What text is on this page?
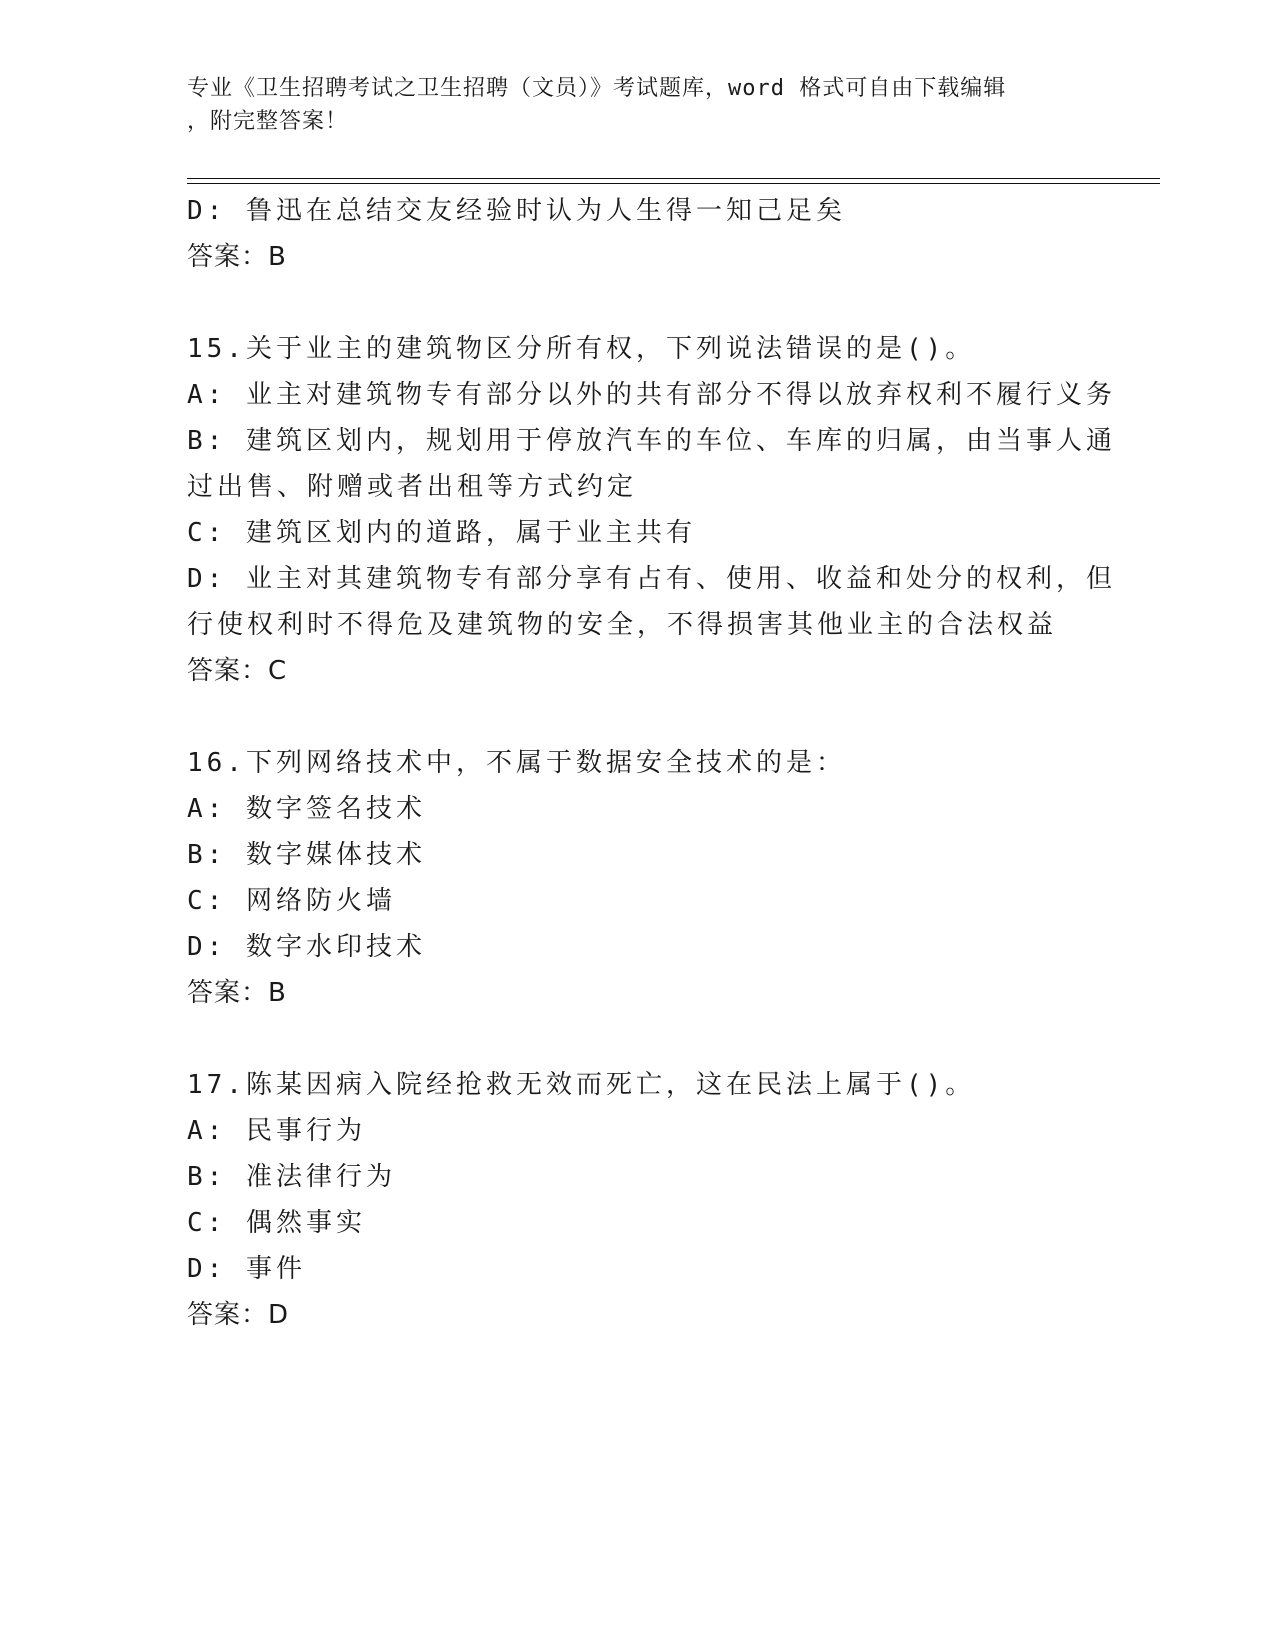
专业《卫生招聘考试之卫生招聘（文员）》考试题库，word 格式可自由下载编辑
，附完整答案！
D: 鲁迅在总结交友经验时认为人生得一知己足矣
答案：B
15.关于业主的建筑物区分所有权，下列说法错误的是()。
A: 业主对建筑物专有部分以外的共有部分不得以放弃权利不履行义务
B: 建筑区划内，规划用于停放汽车的车位、车库的归属，由当事人通
过出售、附赠或者出租等方式约定
C: 建筑区划内的道路，属于业主共有
D: 业主对其建筑物专有部分享有占有、使用、收益和处分的权利，但
行使权利时不得危及建筑物的安全，不得损害其他业主的合法权益
答案：C
16.下列网络技术中，不属于数据安全技术的是：
A: 数字签名技术
B: 数字媒体技术
C: 网络防火墙
D: 数字水印技术
答案：B
17.陈某因病入院经抢救无效而死亡，这在民法上属于()。
A: 民事行为
B: 准法律行为
C: 偶然事实
D: 事件
答案：D
